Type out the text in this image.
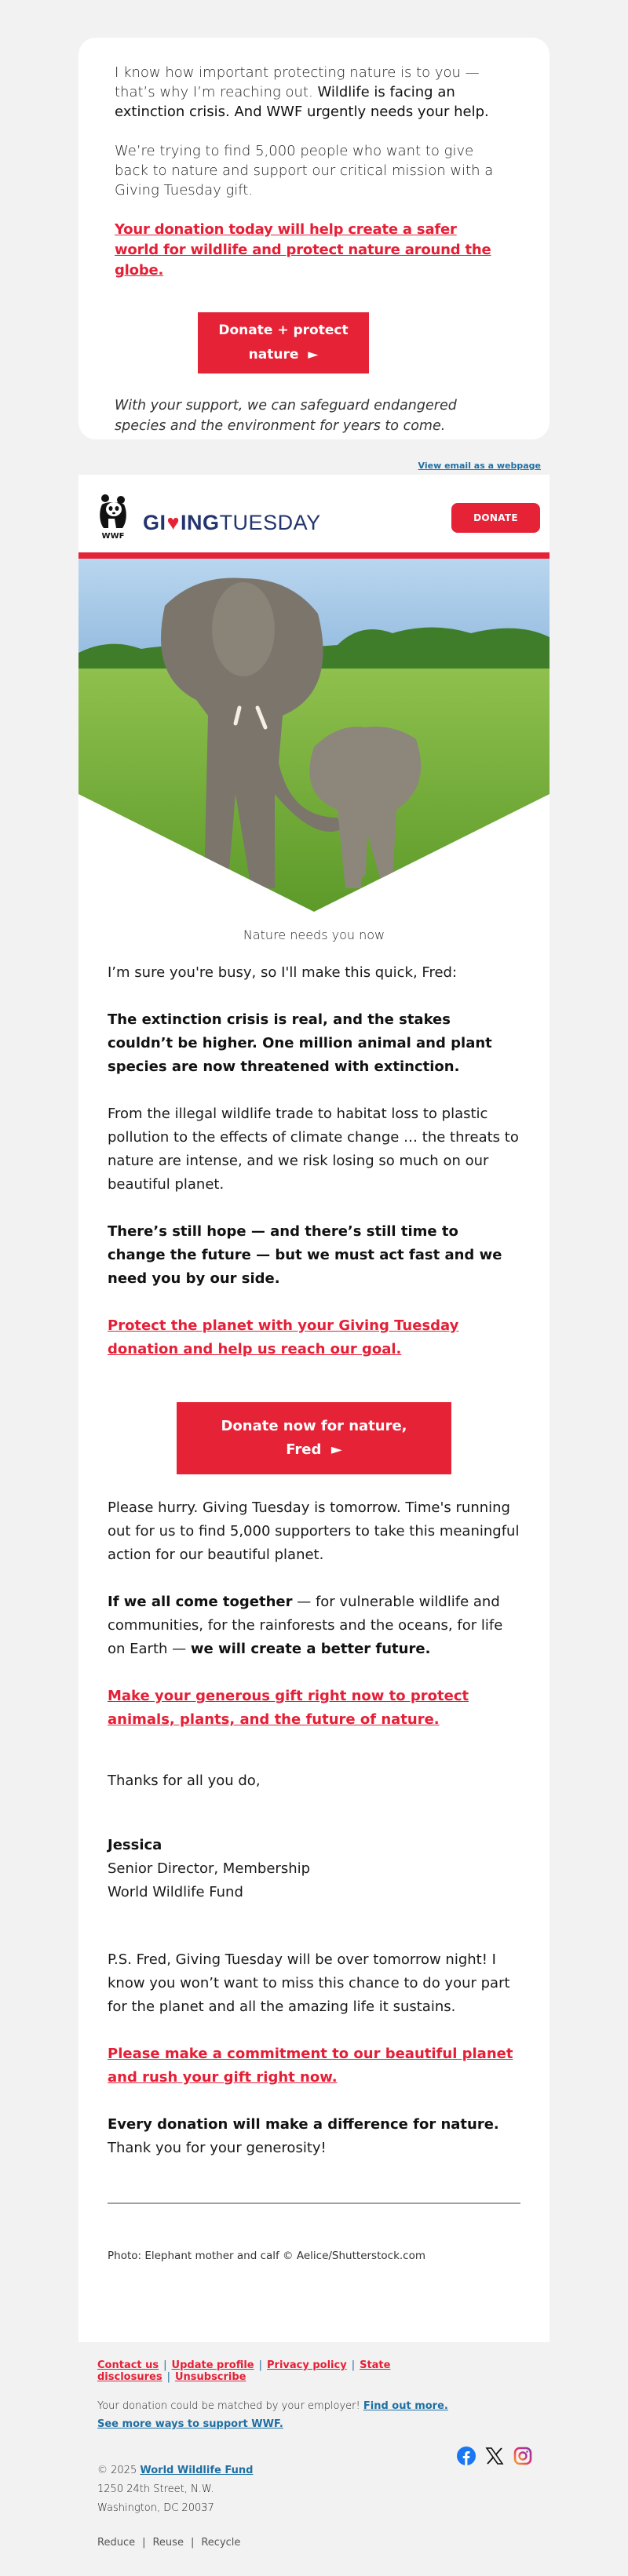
I know how important protecting nature is to you — that’s why I’m reaching out. Wildlife is facing an extinction crisis. And WWF urgently needs your help.

We’re trying to find 5,000 people who want to give back to nature and support our critical mission with a Giving Tuesday gift.

Your donation today will help create a safer world for wildlife and protect nature around the globe.
Donate + protect nature ►

With your support, we can safeguard endangered species and the environment for years to come.

View email as a webpage
WWF
GI ♥ ING TUESDAY	DONATE
Nature needs you now

I’m sure you're busy, so I'll make this quick, Fred:

The extinction crisis is real, and the stakes couldn’t be higher. One million animal and plant species are now threatened with extinction.

From the illegal wildlife trade to habitat loss to plastic pollution to the effects of climate change … the threats to nature are intense, and we risk losing so much on our beautiful planet.

There’s still hope — and there’s still time to change the future — but we must act fast and we need you by our side.

Protect the planet with your Giving Tuesday donation and help us reach our goal.

Donate now for nature, Fred ►

Please hurry. Giving Tuesday is tomorrow. Time's running out for us to find 5,000 supporters to take this meaningful action for our beautiful planet.

If we all come together — for vulnerable wildlife and communities, for the rainforests and the oceans, for life on Earth — we will create a better future.

Make your generous gift right now to protect animals, plants, and the future of nature.

Thanks for all you do,

Jessica

Senior Director, Membership

World Wildlife Fund

P.S. Fred, Giving Tuesday will be over tomorrow night! I know you won’t want to miss this chance to do your part for the planet and all the amazing life it sustains.

Please make a commitment to our beautiful planet and rush your gift right now.

Every donation will make a difference for nature. Thank you for your generosity!

Photo: Elephant mother and calf © Aelice/Shutterstock.com

Contact us | Update profile | Privacy policy | State disclosures | Unsubscribe
Your donation could be matched by your employer! Find out more.
See more ways to support WWF.
© 2025 World Wildlife Fund
1250 24th Street, N.W.
Washington, DC 20037
Reduce | Reuse | Recycle
